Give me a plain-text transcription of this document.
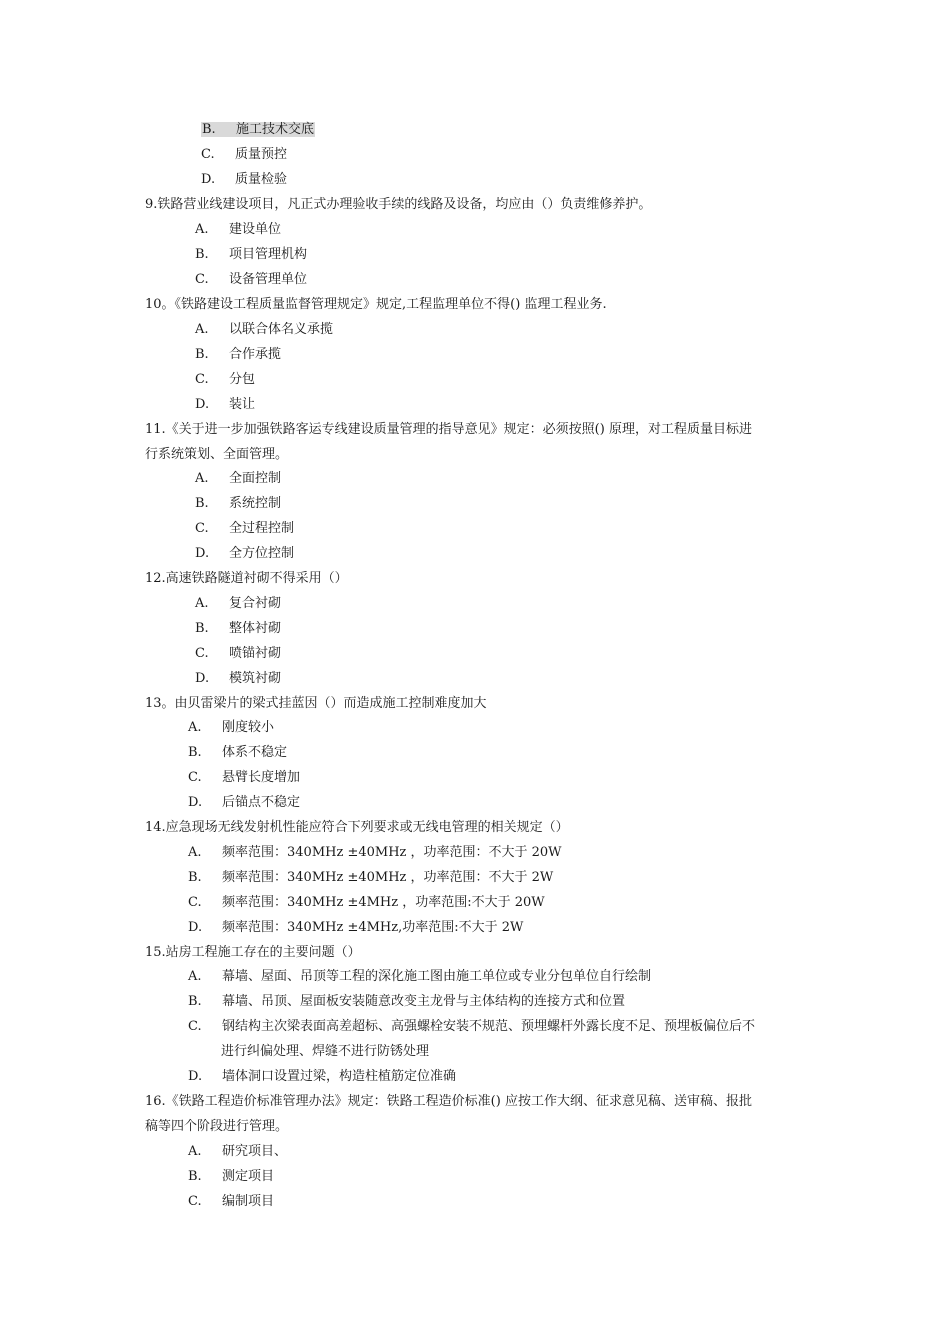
B. 施工技术交底
C. 质量预控
D. 质量检验
9.铁路营业线建设项目，凡正式办理验收手续的线路及设备，均应由（）负责维修养护。
A. 建设单位
B. 项目管理机构
C. 设备管理单位
10。《铁路建设工程质量监督管理规定》规定,工程监理单位不得() 监理工程业务.
A. 以联合体名义承揽
B. 合作承揽
C. 分包
D. 装让
11.《关于进一步加强铁路客运专线建设质量管理的指导意见》规定：必须按照() 原理，对工程质量目标进
行系统策划、全面管理。
A. 全面控制
B. 系统控制
C. 全过程控制
D. 全方位控制
12.高速铁路隧道衬砌不得采用（）
A. 复合衬砌
B. 整体衬砌
C. 喷锚衬砌
D. 模筑衬砌
13。由贝雷梁片的梁式挂蓝因（）而造成施工控制难度加大
A. 刚度较小
B. 体系不稳定
C. 悬臂长度增加
D. 后锚点不稳定
14.应急现场无线发射机性能应符合下列要求或无线电管理的相关规定（）
A. 频率范围：340MHz ±40MHz ，功率范围：不大于 20W
B. 频率范围：340MHz ±40MHz ，功率范围：不大于 2W
C. 频率范围：340MHz ±4MHz ，功率范围:不大于 20W
D. 频率范围：340MHz ±4MHz,功率范围:不大于 2W
15.站房工程施工存在的主要问题（）
A. 幕墙、屋面、吊顶等工程的深化施工图由施工单位或专业分包单位自行绘制
B. 幕墙、吊顶、屋面板安装随意改变主龙骨与主体结构的连接方式和位置
C. 钢结构主次梁表面高差超标、高强螺栓安装不规范、预埋螺杆外露长度不足、预埋板偏位后不
进行纠偏处理、焊缝不进行防锈处理
D. 墙体洞口设置过梁，构造柱植筋定位准确
16.《铁路工程造价标准管理办法》规定：铁路工程造价标准() 应按工作大纲、征求意见稿、送审稿、报批
稿等四个阶段进行管理。
A. 研究项目、
B. 测定项目
C. 编制项目
